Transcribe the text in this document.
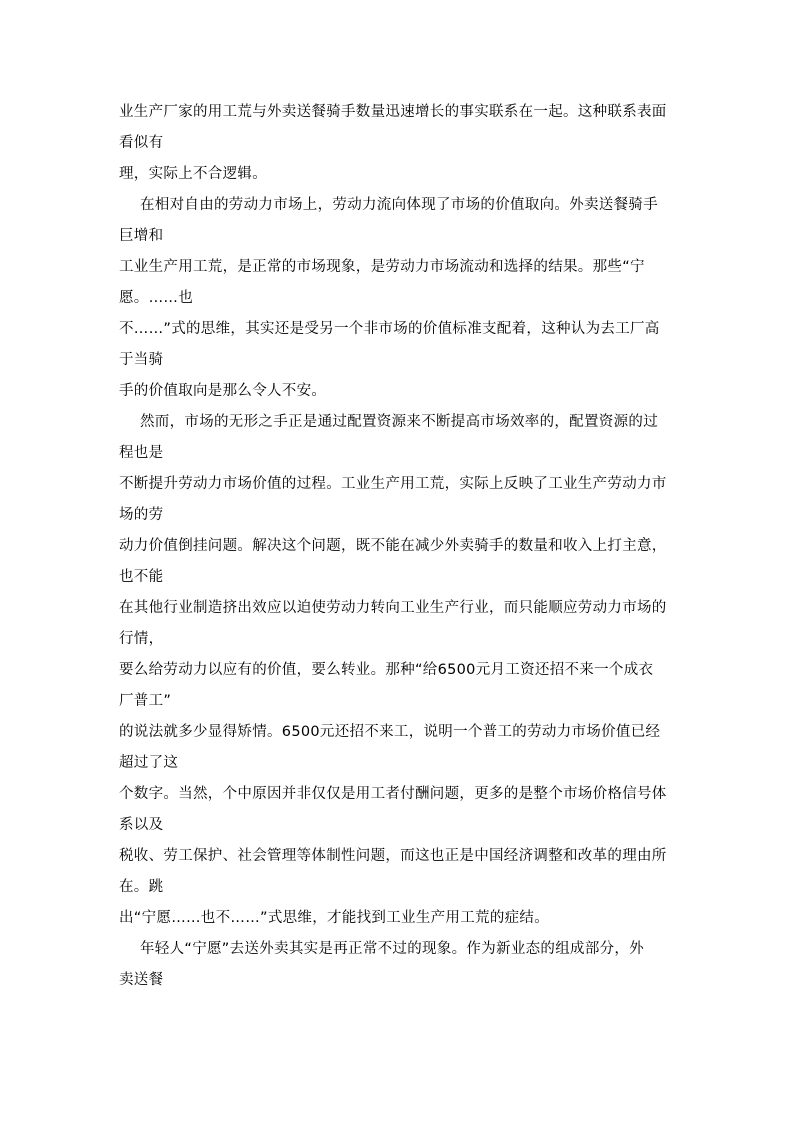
业生产厂家的用工荒与外卖送餐骑手数量迅速增长的事实联系在一起。这种联系表面
看似有
理，实际上不合逻辑。
在相对自由的劳动力市场上，劳动力流向体现了市场的价值取向。外卖送餐骑手
巨增和
工业生产用工荒，是正常的市场现象，是劳动力市场流动和选择的结果。那些“宁
愿。……也
不……”式的思维，其实还是受另一个非市场的价值标准支配着，这种认为去工厂高
于当骑
手的价值取向是那么令人不安。
然而，市场的无形之手正是通过配置资源来不断提高市场效率的，配置资源的过
程也是
不断提升劳动力市场价值的过程。工业生产用工荒，实际上反映了工业生产劳动力市
场的劳
动力价值倒挂问题。解决这个问题，既不能在减少外卖骑手的数量和收入上打主意，
也不能
在其他行业制造挤出效应以迫使劳动力转向工业生产行业，而只能顺应劳动力市场的
行情，
要么给劳动力以应有的价值，要么转业。那种“给6500元月工资还招不来一个成衣
厂普工”
的说法就多少显得矫情。6500元还招不来工，说明一个普工的劳动力市场价值已经
超过了这
个数字。当然，个中原因并非仅仅是用工者付酬问题，更多的是整个市场价格信号体
系以及
税收、劳工保护、社会管理等体制性问题，而这也正是中国经济调整和改革的理由所
在。跳
出“宁愿……也不……”式思维，才能找到工业生产用工荒的症结。
年轻人“宁愿”去送外卖其实是再正常不过的现象。作为新业态的组成部分，外
卖送餐
